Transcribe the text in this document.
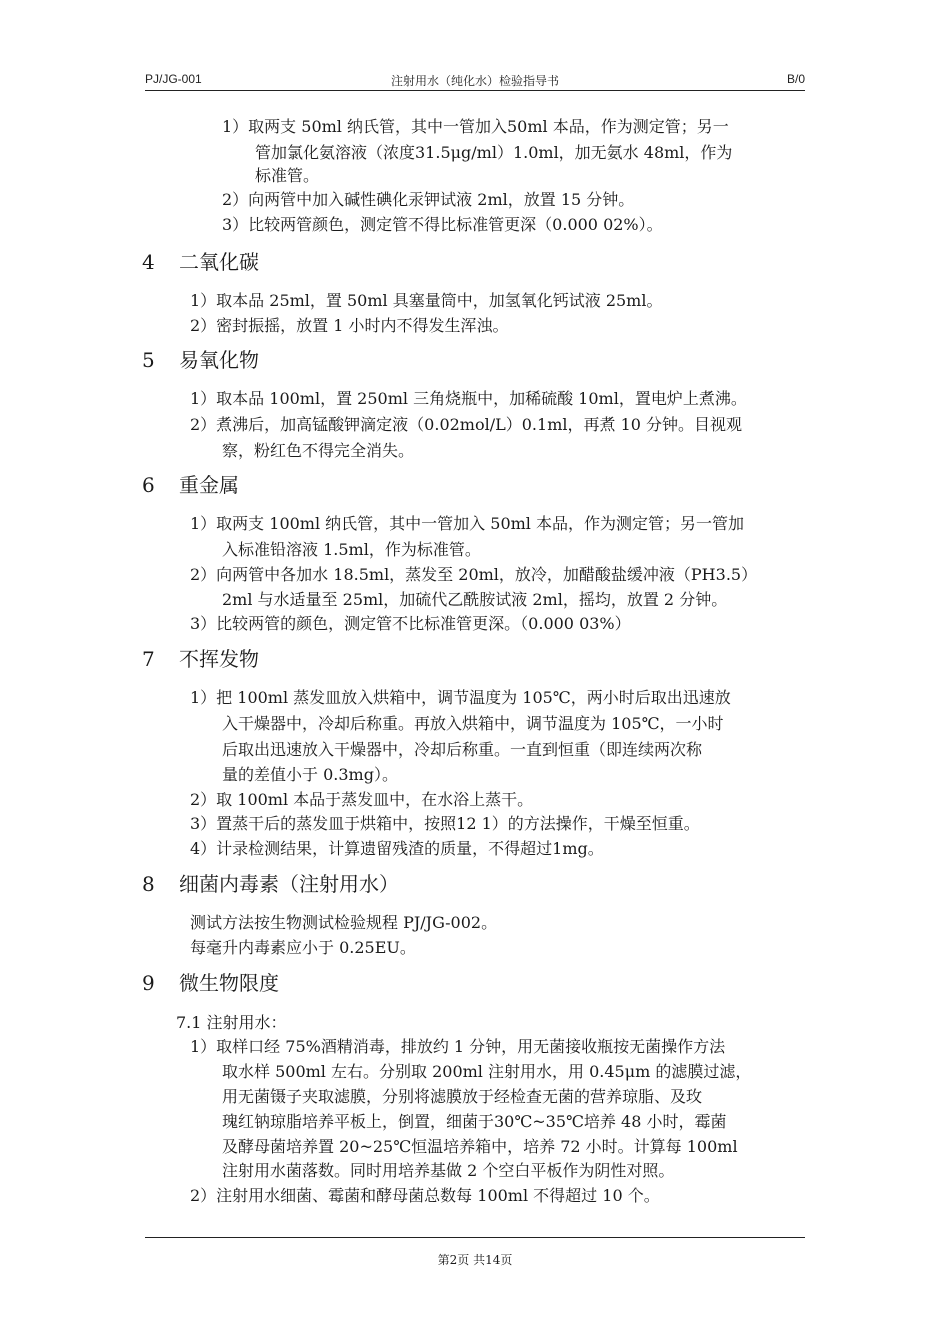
PJ/JG-001	注射用水（纯化水）检验指导书	B/0
1）取两支 50ml 纳氏管，其中一管加入50ml 本品，作为测定管；另一
管加氯化氨溶液（浓度31.5μg/ml）1.0ml，加无氨水 48ml，作为
标准管。
2）向两管中加入碱性碘化汞钾试液 2ml，放置 15 分钟。
3）比较两管颜色，测定管不得比标准管更深（0.000 02%）。
4 二氧化碳
1）取本品 25ml，置 50ml 具塞量筒中，加氢氧化钙试液 25ml。
2）密封振摇，放置 1 小时内不得发生浑浊。
5 易氧化物
1）取本品 100ml，置 250ml 三角烧瓶中，加稀硫酸 10ml，置电炉上煮沸。
2）煮沸后，加高锰酸钾滴定液（0.02mol/L）0.1ml，再煮 10 分钟。目视观
察，粉红色不得完全消失。
6 重金属
1）取两支 100ml 纳氏管，其中一管加入 50ml 本品，作为测定管；另一管加
入标准铅溶液 1.5ml，作为标准管。
2）向两管中各加水 18.5ml，蒸发至 20ml，放冷，加醋酸盐缓冲液（PH3.5）
2ml 与水适量至 25ml，加硫代乙酰胺试液 2ml，摇均，放置 2 分钟。
3）比较两管的颜色，测定管不比标准管更深。（0.000 03%）
7 不挥发物
1）把 100ml 蒸发皿放入烘箱中，调节温度为 105℃，两小时后取出迅速放
入干燥器中，冷却后称重。再放入烘箱中，调节温度为 105℃，一小时
后取出迅速放入干燥器中，冷却后称重。一直到恒重（即连续两次称
量的差值小于 0.3mg）。
2）取 100ml 本品于蒸发皿中，在水浴上蒸干。
3）置蒸干后的蒸发皿于烘箱中，按照12 1）的方法操作，干燥至恒重。
4）计录检测结果，计算遗留残渣的质量，不得超过1mg。
8 细菌内毒素（注射用水）
测试方法按生物测试检验规程 PJ/JG-002。
每毫升内毒素应小于 0.25EU。
9 微生物限度
7.1 注射用水：
1）取样口经 75%酒精消毒，排放约 1 分钟，用无菌接收瓶按无菌操作方法
取水样 500ml 左右。分别取 200ml 注射用水，用 0.45μm 的滤膜过滤，
用无菌镊子夹取滤膜，分别将滤膜放于经检查无菌的营养琼脂、及玫
瑰红钠琼脂培养平板上，倒置，细菌于30℃~35℃培养 48 小时，霉菌
及酵母菌培养置 20~25℃恒温培养箱中，培养 72 小时。计算每 100ml
注射用水菌落数。同时用培养基做 2 个空白平板作为阴性对照。
2）注射用水细菌、霉菌和酵母菌总数每 100ml 不得超过 10 个。
第2页 共14页
